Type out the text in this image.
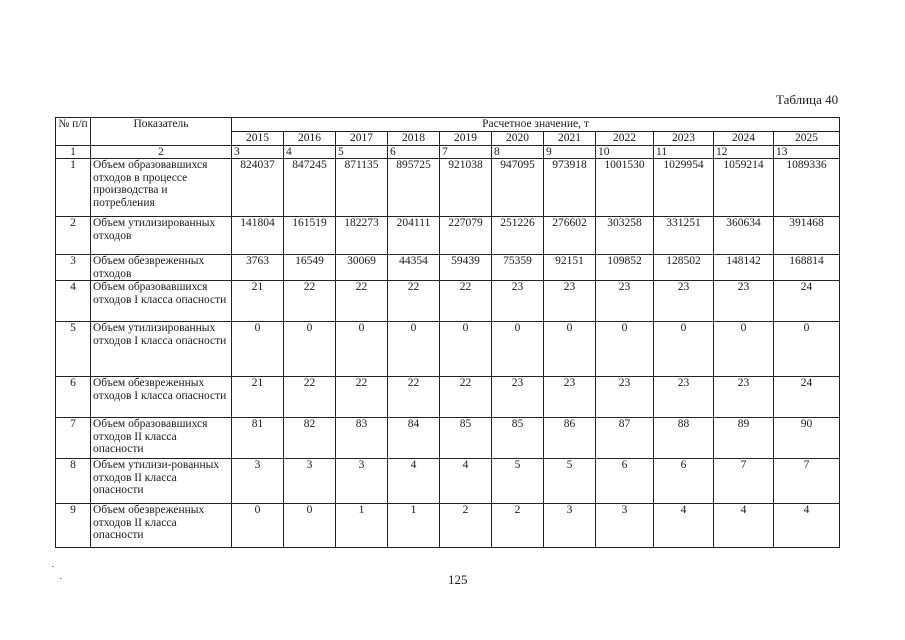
Таблица 40
№ п/п	Показатель	Расчетное значение, т										
		2015	2016	2017	2018	2019	2020	2021	2022	2023	2024	2025
1	2	3	4	5	6	7	8	9	10	11	12	13
1	Объем образовавшихся отходов в процессе производства и потребления	824037	847245	871135	895725	921038	947095	973918	1001530	1029954	1059214	1089336
2	Объем утилизированных отходов	141804	161519	182273	204111	227079	251226	276602	303258	331251	360634	391468
3	Объем обезвреженных отходов	3763	16549	30069	44354	59439	75359	92151	109852	128502	148142	168814
4	Объем образовавшихся отходов I класса опасности	21	22	22	22	22	23	23	23	23	23	24
5	Объем утилизированных отходов I класса опасности	0	0	0	0	0	0	0	0	0	0	0
6	Объем обезвреженных отходов I класса опасности	21	22	22	22	22	23	23	23	23	23	24
7	Объем образовавшихся отходов II класса опасности	81	82	83	84	85	85	86	87	88	89	90
8	Объем утилизи-рованных отходов II класса опасности	3	3	3	4	4	5	5	6	6	7	7
9	Объем обезвреженных отходов II класса опасности	0	0	1	1	2	2	3	3	4	4	4
125
